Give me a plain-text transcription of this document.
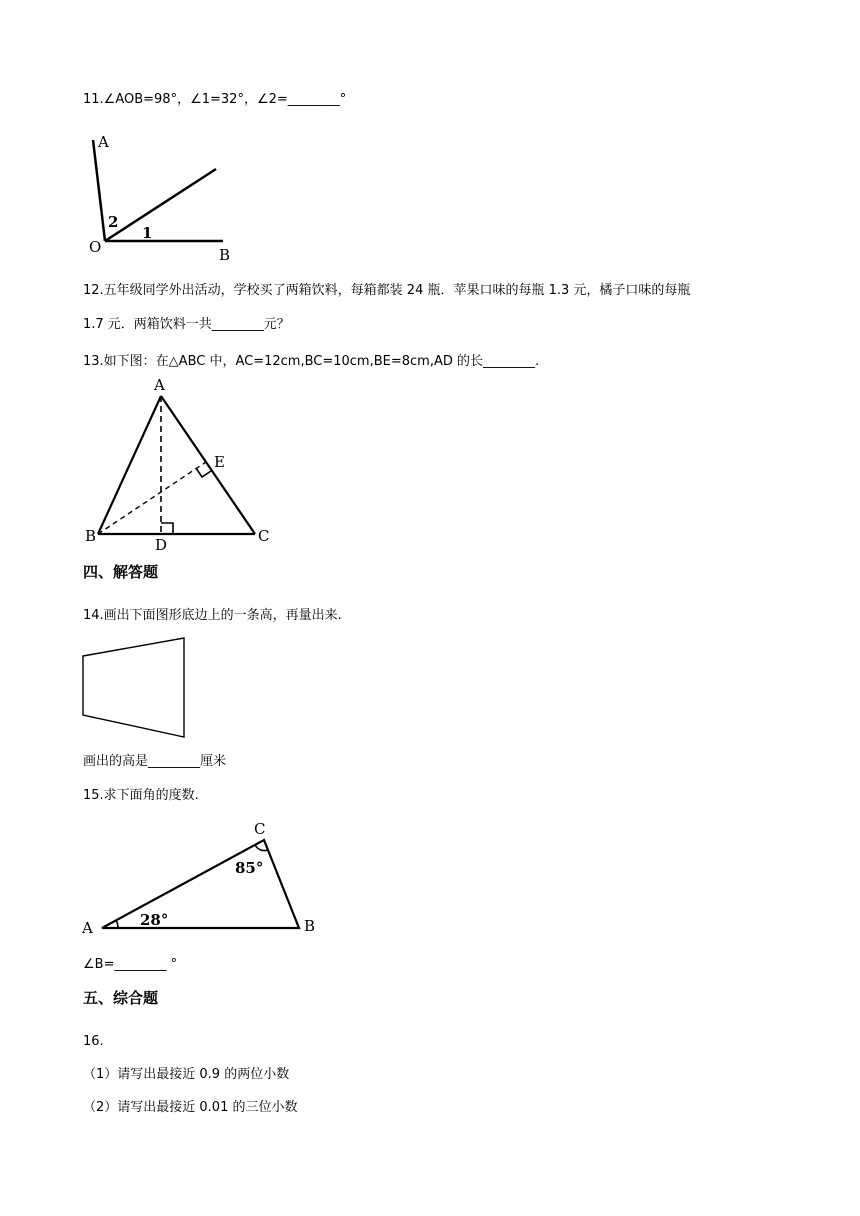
11.∠AOB=98°，∠1=32°，∠2=________°
A
O	B
2
1
12.五年级同学外出活动，学校买了两箱饮料，每箱都装 24 瓶．苹果口味的每瓶 1.3 元，橘子口味的每瓶
1.7 元．两箱饮料一共________元？
13.如下图：在△ABC 中，AC=12cm,BC=10cm,BE=8cm,AD 的长________.
A
B	C
D
E
四、解答题
14.画出下面图形底边上的一条高，再量出来.
画出的高是________厘米
15.求下面角的度数.
A	B
C
28°
85°
∠B=________ °
五、综合题
16.
（1）请写出最接近 0.9 的两位小数
（2）请写出最接近 0.01 的三位小数
